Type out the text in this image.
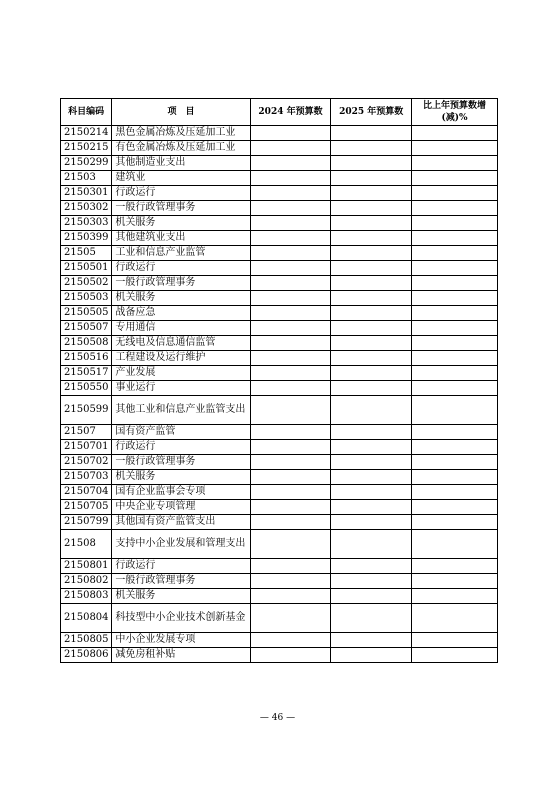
科目编码	项　目	2024 年预算数	2025 年预算数	比上年预算数增(减)%
2150214	黑色金属冶炼及压延加工业			
2150215	有色金属冶炼及压延加工业			
2150299	其他制造业支出			
21503	建筑业			
2150301	行政运行			
2150302	一般行政管理事务			
2150303	机关服务			
2150399	其他建筑业支出			
21505	工业和信息产业监管			
2150501	行政运行			
2150502	一般行政管理事务			
2150503	机关服务			
2150505	战备应急			
2150507	专用通信			
2150508	无线电及信息通信监管			
2150516	工程建设及运行维护			
2150517	产业发展			
2150550	事业运行			
2150599	其他工业和信息产业监管支出			
21507	国有资产监管			
2150701	行政运行			
2150702	一般行政管理事务			
2150703	机关服务			
2150704	国有企业监事会专项			
2150705	中央企业专项管理			
2150799	其他国有资产监管支出			
21508	支持中小企业发展和管理支出			
2150801	行政运行			
2150802	一般行政管理事务			
2150803	机关服务			
2150804	科技型中小企业技术创新基金			
2150805	中小企业发展专项			
2150806	减免房租补贴			
— 46 —
